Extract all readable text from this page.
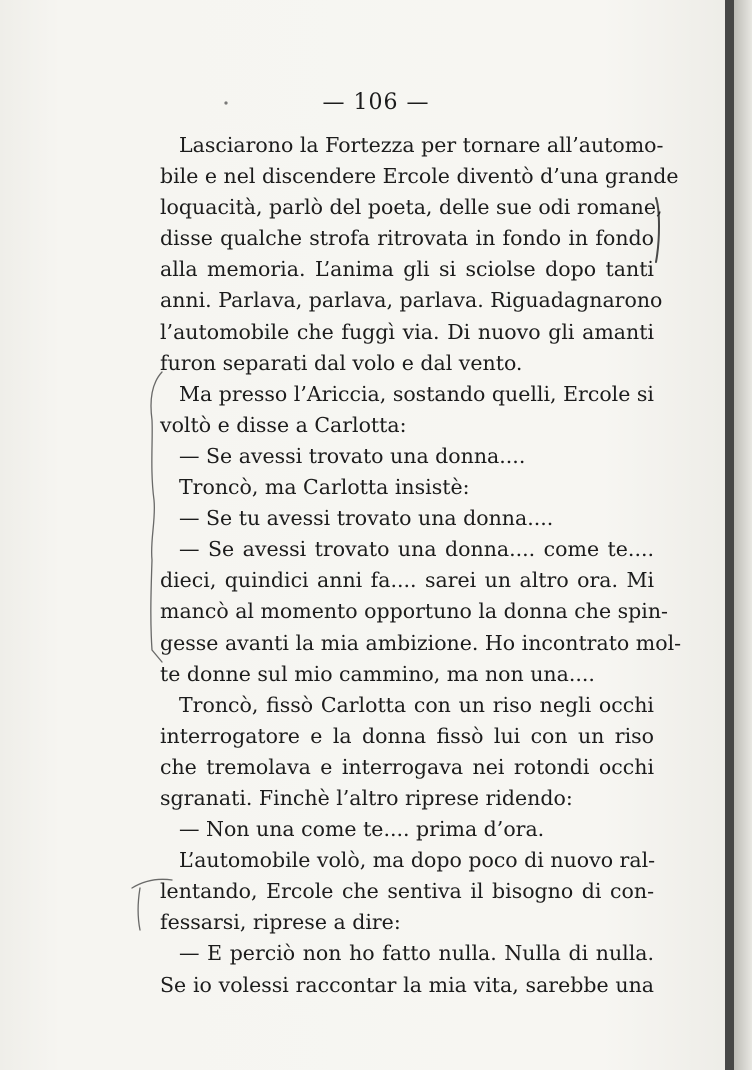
— 106 —
Lasciarono la Fortezza per tornare all’automo-
bile e nel discendere Ercole diventò d’una grande
loquacità, parlò del poeta, delle sue odi romane,
disse qualche strofa ritrovata in fondo in fondo
alla memoria. L’anima gli si sciolse dopo tanti
anni. Parlava, parlava, parlava. Riguadagnarono
l’automobile che fuggì via. Di nuovo gli amanti
furon separati dal volo e dal vento.
Ma presso l’Ariccia, sostando quelli, Ercole si
voltò e disse a Carlotta:
— Se avessi trovato una donna....
Troncò, ma Carlotta insistè:
— Se tu avessi trovato una donna....
— Se avessi trovato una donna.... come te....
dieci, quindici anni fa.... sarei un altro ora. Mi
mancò al momento opportuno la donna che spin-
gesse avanti la mia ambizione. Ho incontrato mol-
te donne sul mio cammino, ma non una....
Troncò, fissò Carlotta con un riso negli occhi
interrogatore e la donna fissò lui con un riso
che tremolava e interrogava nei rotondi occhi
sgranati. Finchè l’altro riprese ridendo:
— Non una come te.... prima d’ora.
L’automobile volò, ma dopo poco di nuovo ral-
lentando, Ercole che sentiva il bisogno di con-
fessarsi, riprese a dire:
— E perciò non ho fatto nulla. Nulla di nulla.
Se io volessi raccontar la mia vita, sarebbe una
